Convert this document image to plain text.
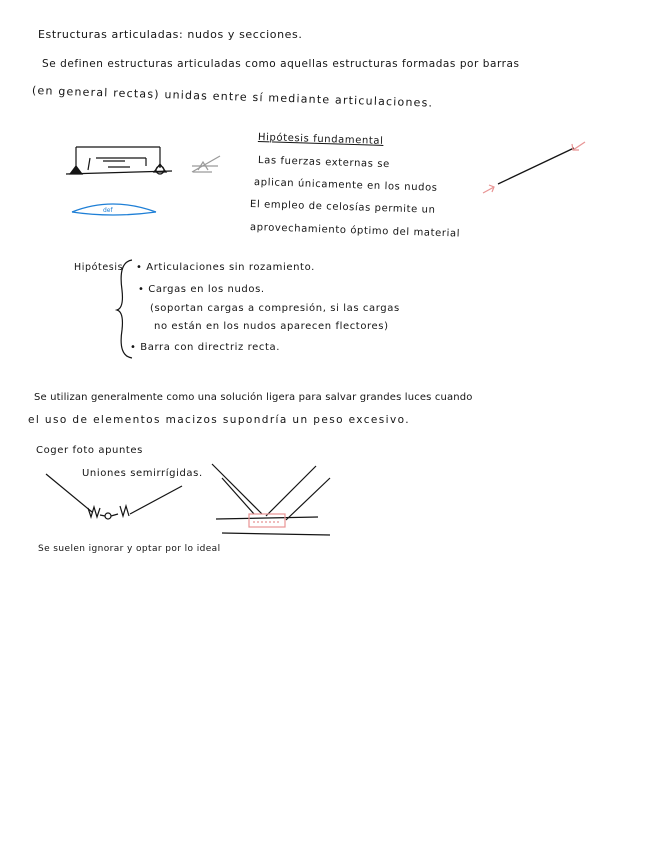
Estructuras articuladas: nudos y secciones.
Se definen estructuras articuladas como aquellas estructuras formadas por barras
(en general rectas) unidas entre sí mediante articulaciones.
Hipótesis fundamental
Las fuerzas externas se
aplican únicamente en los nudos
El empleo de celosías permite un
aprovechamiento óptimo del material
Hipótesis • Articulaciones sin rozamiento.
• Cargas en los nudos.
(soportan cargas a compresión, si las cargas
no están en los nudos aparecen flectores)
• Barra con directriz recta.
Se utilizan generalmente como una solución ligera para salvar grandes luces cuando
el uso de elementos macizos supondría un peso excesivo.
Coger foto apuntes
Uniones semirrígidas.
Se suelen ignorar y optar por lo ideal
def
